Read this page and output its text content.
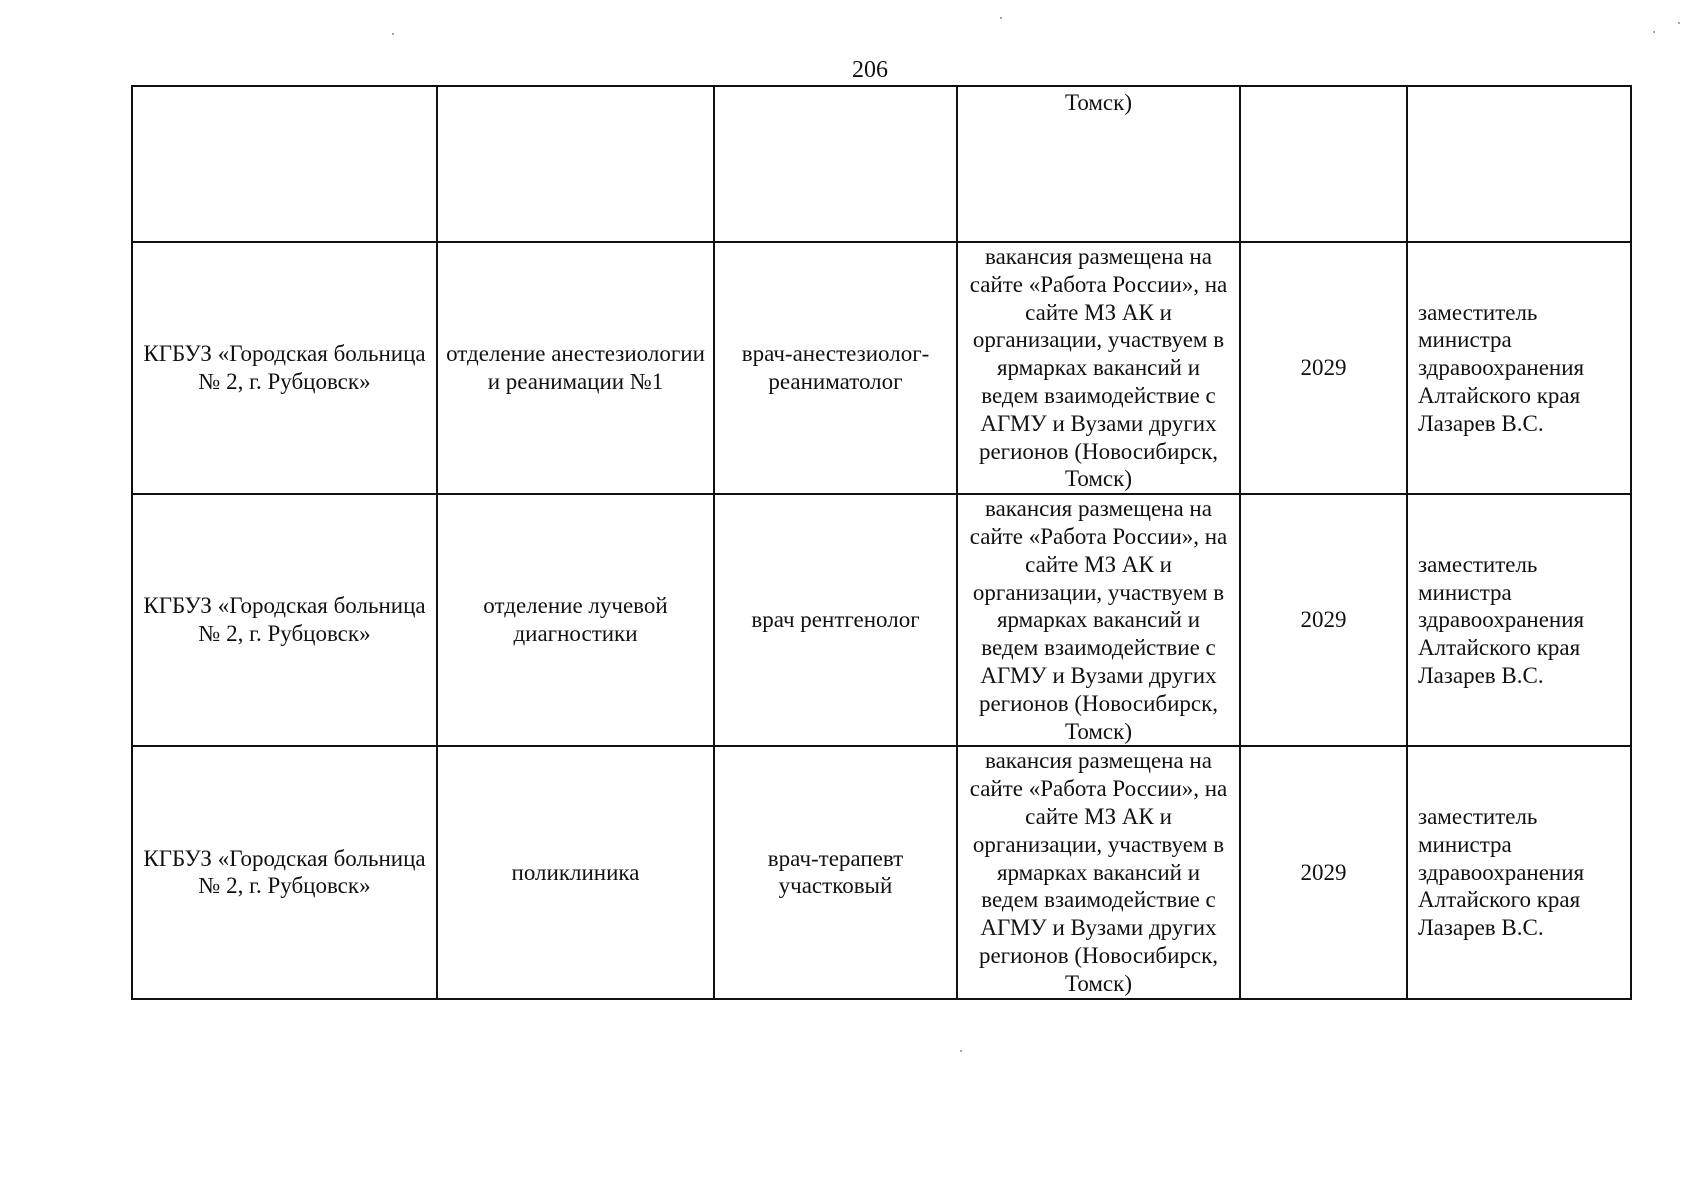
206
			Томск)		
КГБУЗ «Городская больница № 2, г. Рубцовск»	отделение анестезиологии и реанимации №1	врач-анестезиолог-реаниматолог	вакансия размещена на сайте «Работа России», на сайте МЗ АК и организации, участвуем в ярмарках вакансий и ведем взаимодействие с АГМУ и Вузами других регионов (Новосибирск, Томск)	2029	заместитель министра здравоохранения Алтайского края Лазарев В.С.
КГБУЗ «Городская больница № 2, г. Рубцовск»	отделение лучевой диагностики	врач рентгенолог	вакансия размещена на сайте «Работа России», на сайте МЗ АК и организации, участвуем в ярмарках вакансий и ведем взаимодействие с АГМУ и Вузами других регионов (Новосибирск, Томск)	2029	заместитель министра здравоохранения Алтайского края Лазарев В.С.
КГБУЗ «Городская больница № 2, г. Рубцовск»	поликлиника	врач-терапевт участковый	вакансия размещена на сайте «Работа России», на сайте МЗ АК и организации, участвуем в ярмарках вакансий и ведем взаимодействие с АГМУ и Вузами других регионов (Новосибирск, Томск)	2029	заместитель министра здравоохранения Алтайского края Лазарев В.С.
